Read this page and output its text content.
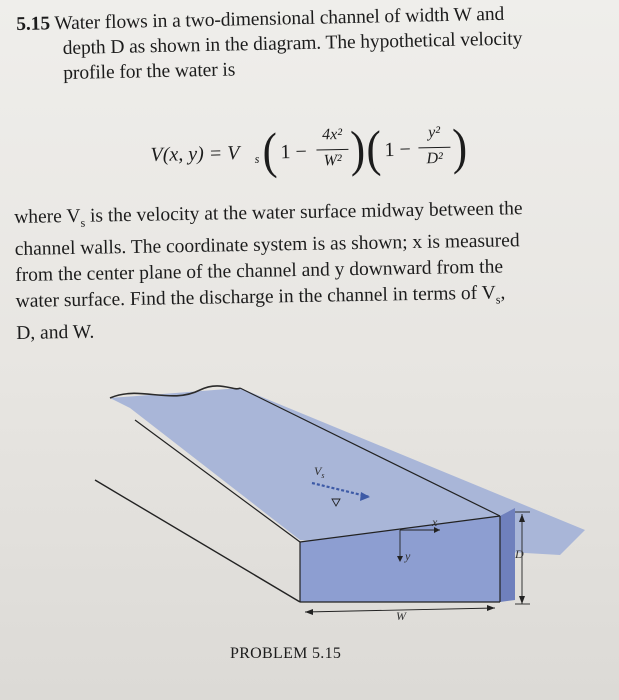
5.15 Water flows in a two-dimensional channel of width W and
depth D as shown in the diagram. The hypothetical velocity
profile for the water is

V(x, y) = V s ( 1 −
4x²
W² ) ( 1 −
y²
D² )

where $V_s$ is the velocity at the water surface midway between the

channel walls. The coordinate system is as shown; x is measured

from the center plane of the channel and y downward from the

water surface. Find the discharge in the channel in terms of $V_s$,

D, and W.

$V_s$
x
y	D
W
PROBLEM 5.15
